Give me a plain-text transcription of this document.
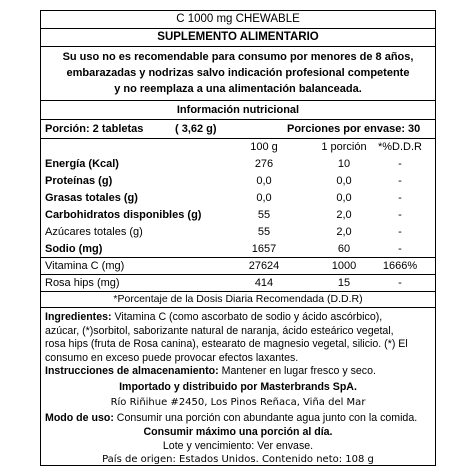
C 1000 mg CHEWABLE
SUPLEMENTO ALIMENTARIO
Su uso no es recomendable para consumo por menores de 8 años,
embarazadas y nodrizas salvo indicación profesional competente
y no reemplaza a una alimentación balanceada.
Información nutricional
Porción: 2 tabletas	( 3,62 g)	Porciones por envase: 30
100 g	1 porción	*%D.D.R
Energía (Kcal)	276	10	-
Proteínas (g)	0,0	0,0	-
Grasas totales (g)	0,0	0,0	-
Carbohidratos disponibles (g)	55	2,0	-
Azúcares totales (g)	55	2,0	-
Sodio (mg)	1657	60	-
Vitamina C (mg)	27624	1000	1666%
Rosa hips (mg)	414	15	-
*Porcentaje de la Dosis Diaria Recomendada (D.D.R)
Ingredientes: Vitamina C (como ascorbato de sodio y ácido ascórbico),
azúcar, (*)sorbitol, saborizante natural de naranja, ácido esteárico vegetal,
rosa hips (fruta de Rosa canina), estearato de magnesio vegetal, silicio. (*) El
consumo en exceso puede provocar efectos laxantes.
Instrucciones de almacenamiento: Mantener en lugar fresco y seco.
Importado y distribuido por Masterbrands SpA.
Río Riñihue #2450, Los Pinos Reñaca, Viña del Mar
Modo de uso: Consumir una porción con abundante agua junto con la comida.
Consumir máximo una porción al día.
Lote y vencimiento: Ver envase.
País de origen: Estados Unidos. Contenido neto: 108 g
